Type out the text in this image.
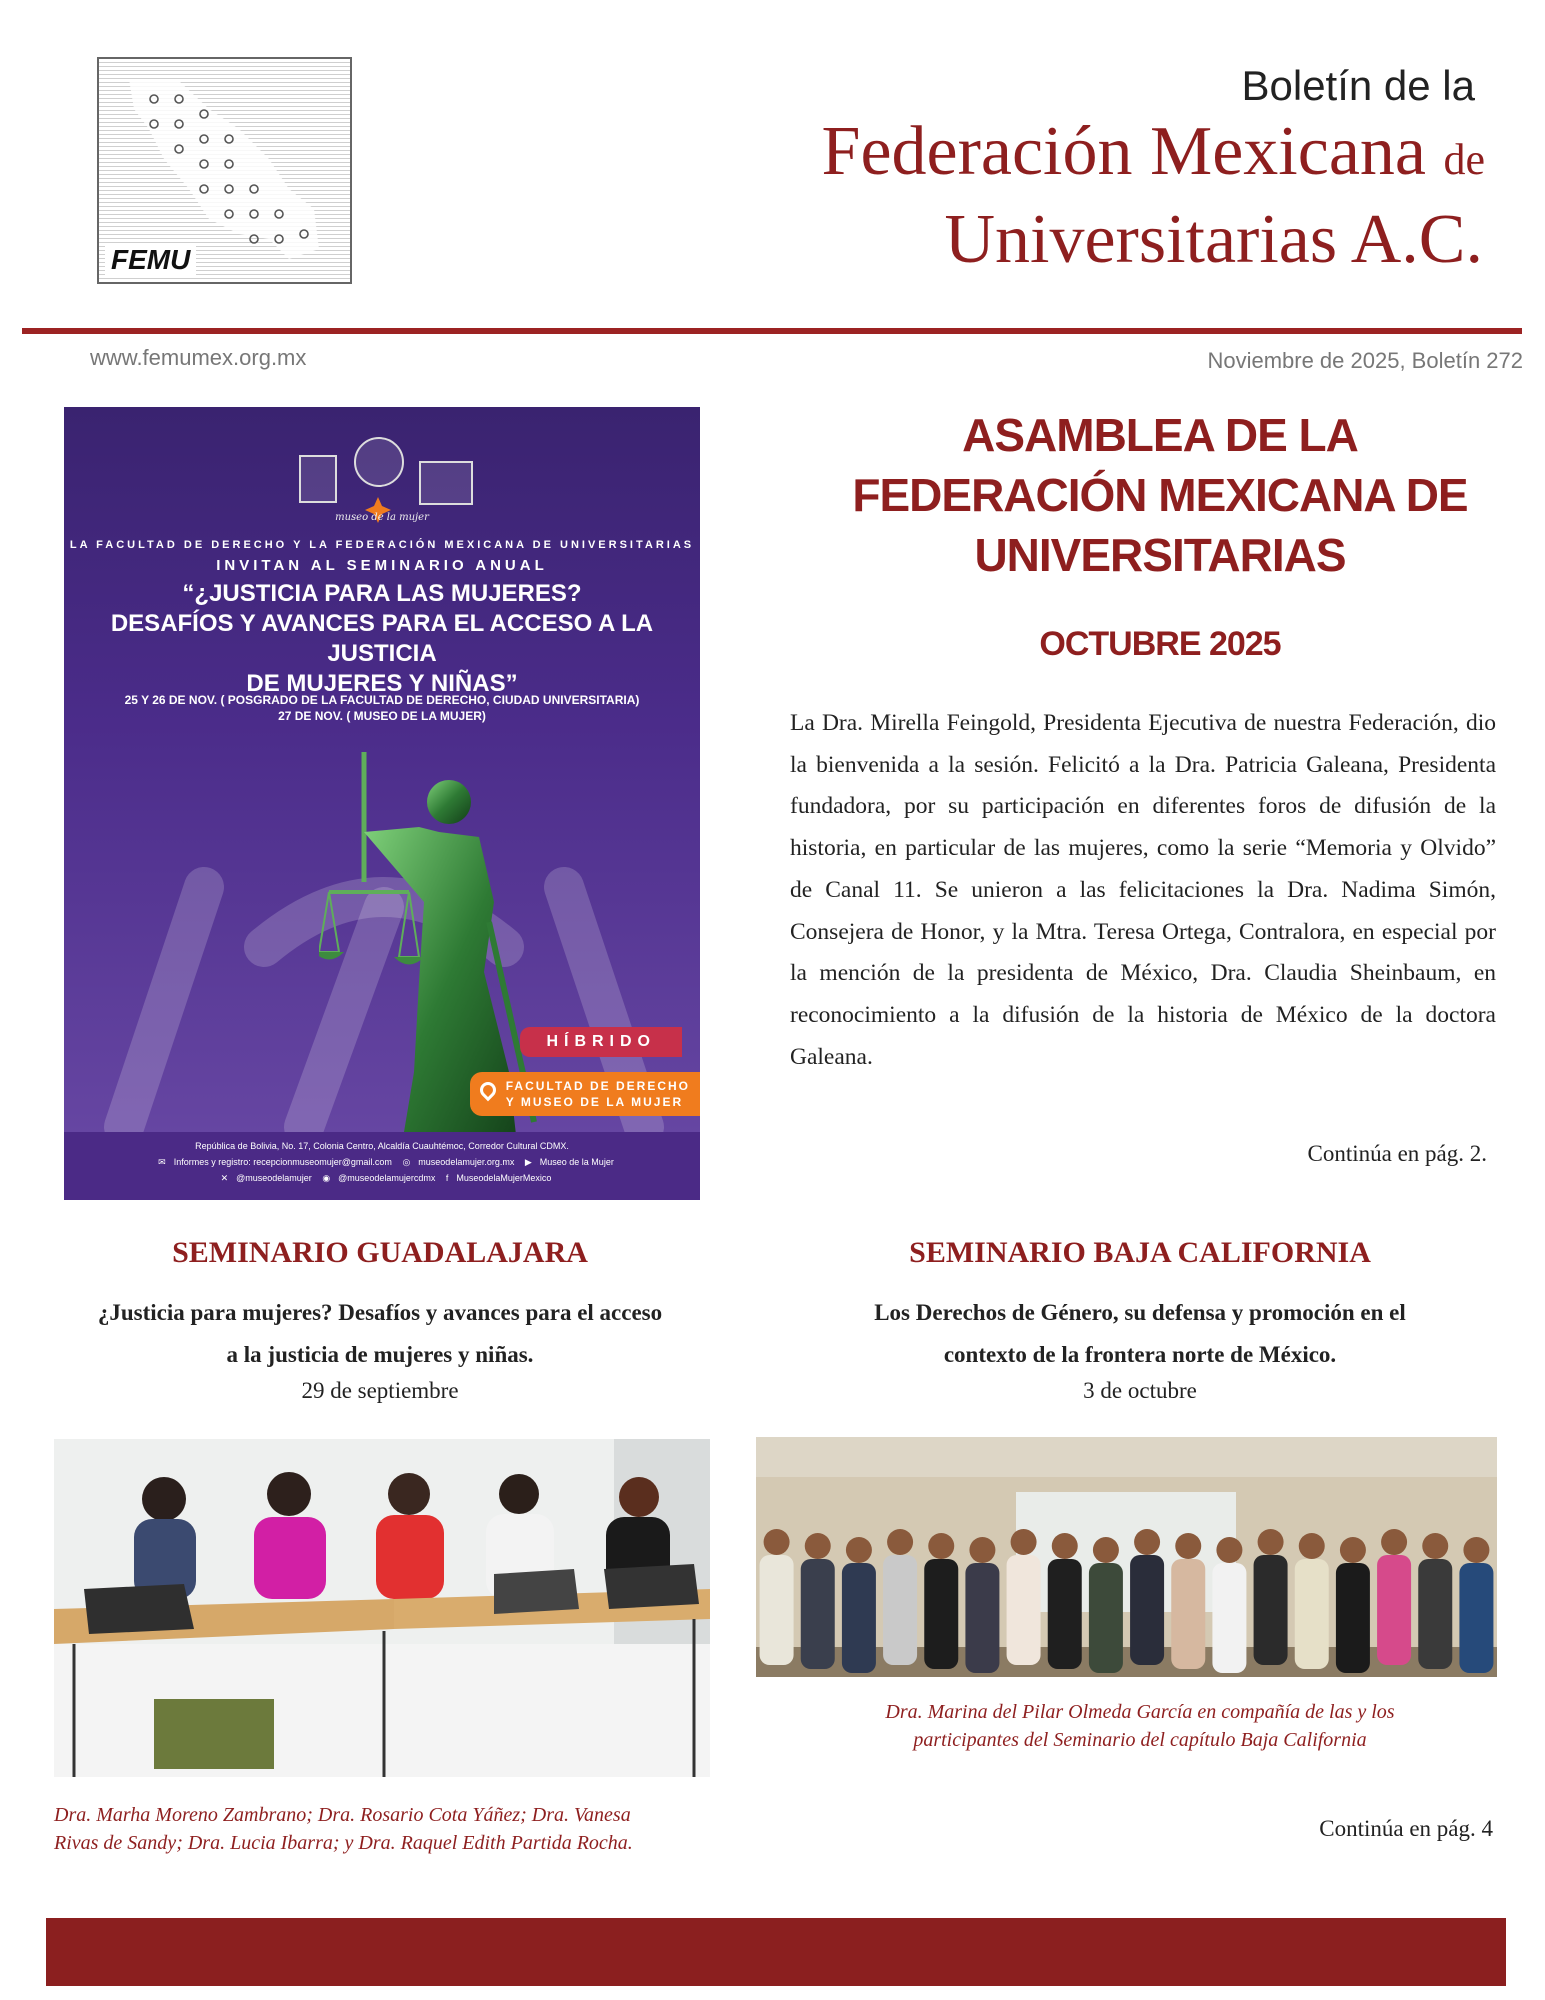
FEMU
Boletín de la
Federación Mexicana de
Universitarias A.C.
www.femumex.org.mx	Noviembre de 2025, Boletín 272
museo de la mujer
LA FACULTAD DE DERECHO Y LA FEDERACIÓN MEXICANA DE UNIVERSITARIAS
INVITAN AL SEMINARIO ANUAL
“¿JUSTICIA PARA LAS MUJERES?
DESAFÍOS Y AVANCES PARA EL ACCESO A LA JUSTICIA
DE MUJERES Y NIÑAS”
25 Y 26 DE NOV. ( POSGRADO DE LA FACULTAD DE DERECHO, CIUDAD UNIVERSITARIA)
27 DE NOV. ( MUSEO DE LA MUJER)
HÍBRIDO
FACULTAD DE DERECHO
Y MUSEO DE LA MUJER
República de Bolivia, No. 17, Colonia Centro, Alcaldía Cuauhtémoc, Corredor Cultural CDMX.
✉ Informes y registro: recepcionmuseomujer@gmail.com ◎ museodelamujer.org.mx ▶ Museo de la Mujer
✕ @museodelamujer ◉ @museodelamujercdmx f MuseodelaMujerMexico
ASAMBLEA DE LA
FEDERACIÓN MEXICANA DE
UNIVERSITARIAS
OCTUBRE 2025
La Dra. Mirella Feingold, Presidenta Ejecutiva de nuestra Federación, dio la bienvenida a la sesión. Felicitó a la Dra. Patricia Galeana, Presidenta fundadora, por su participación en diferentes foros de difusión de la historia, en particular de las mujeres, como la serie “Memoria y Olvido” de Canal 11. Se unieron a las felicitaciones la Dra. Nadima Simón, Consejera de Honor, y la Mtra. Teresa Ortega, Contralora, en especial por la mención de la presidenta de México, Dra. Claudia Sheinbaum, en reconocimiento a la difusión de la historia de México de la doctora Galeana.
Continúa en pág. 2.
SEMINARIO GUADALAJARA
¿Justicia para mujeres? Desafíos y avances para el acceso
a la justicia de mujeres y niñas.
29 de septiembre
Dra. Marha Moreno Zambrano; Dra. Rosario Cota Yáñez; Dra. Vanesa
Rivas de Sandy; Dra. Lucia Ibarra; y Dra. Raquel Edith Partida Rocha.
SEMINARIO BAJA CALIFORNIA
Los Derechos de Género, su defensa y promoción en el
contexto de la frontera norte de México.
3 de octubre
Dra. Marina del Pilar Olmeda García en compañía de las y los
participantes del Seminario del capítulo Baja California
Continúa en pág. 4
